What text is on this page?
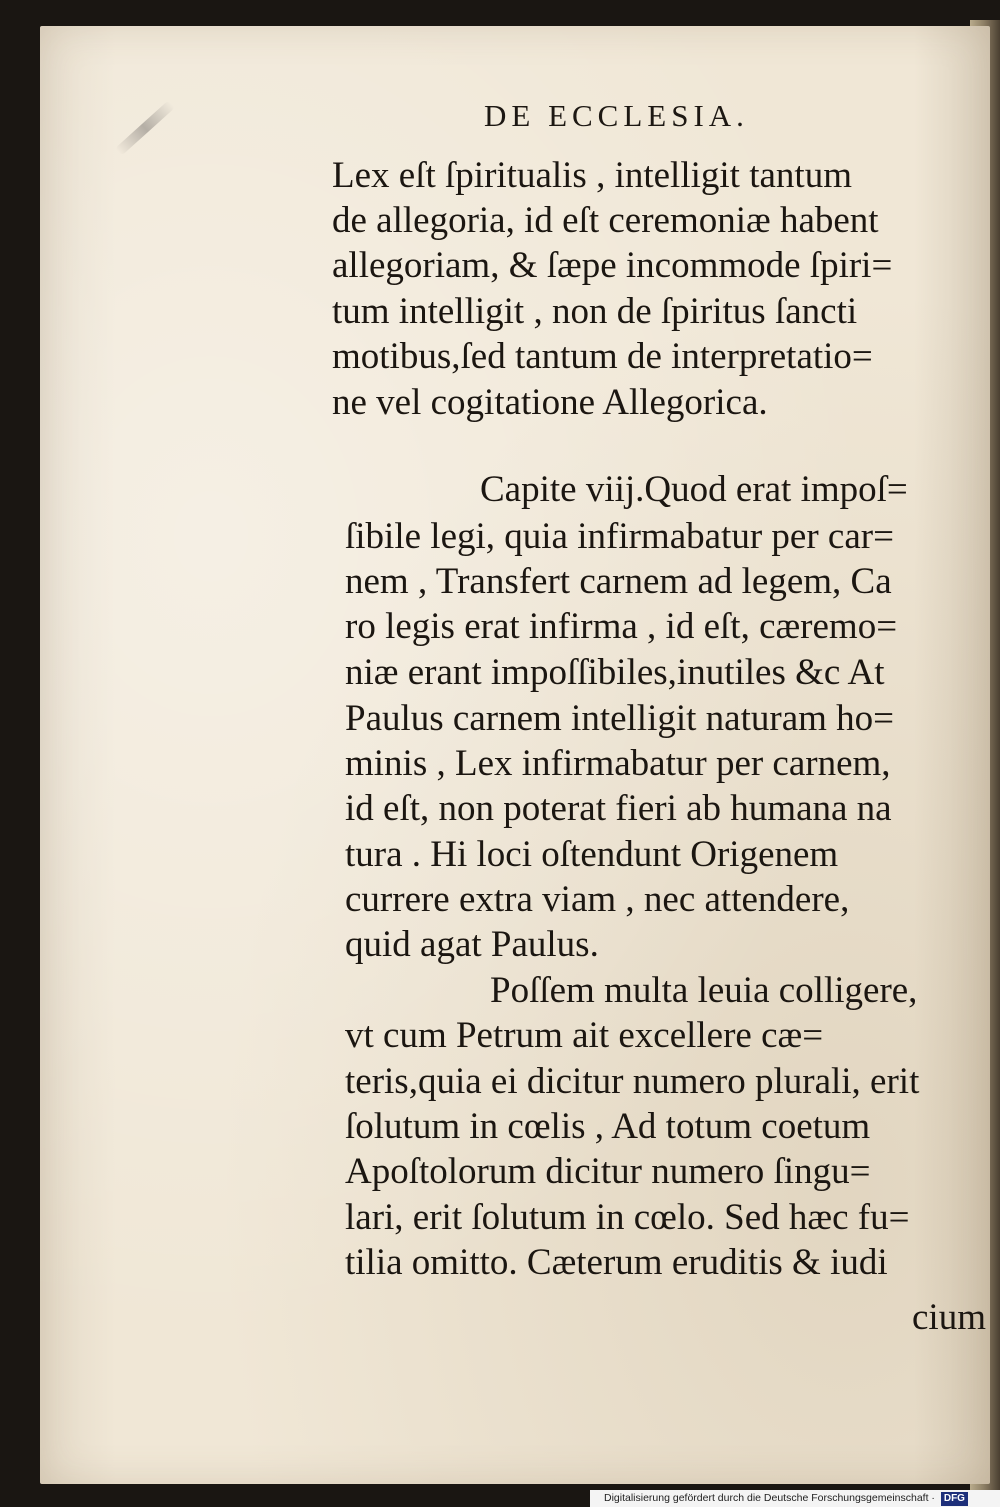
DE ECCLESIA.
Lex eſt ſpiritualis , intelligit tantum
de allegoria, id eſt ceremoniæ habent
allegoriam, & ſæpe incommode ſpiri=
tum intelligit , non de ſpiritus ſancti
motibus,ſed tantum de interpretatio=
ne vel cogitatione Allegorica.
Capite viij.Quod erat impoſ=
ſibile legi, quia infirmabatur per car=
nem , Transfert carnem ad legem, Ca
ro legis erat infirma , id eſt, cæremo=
niæ erant impoſſibiles,inutiles &c At
Paulus carnem intelligit naturam ho=
minis , Lex infirmabatur per carnem,
id eſt, non poterat fieri ab humana na
tura . Hi loci oſtendunt Origenem
currere extra viam , nec attendere,
quid agat Paulus.
Poſſem multa leuia colligere,
vt cum Petrum ait excellere cæ=
teris,quia ei dicitur numero plurali, erit
ſolutum in cœlis , Ad totum coetum
Apoſtolorum dicitur numero ſingu=
lari, erit ſolutum in cœlo. Sed hæc fu=
tilia omitto. Cæterum eruditis & iudi
cium
Digitalisierung gefördert durch die Deutsche Forschungsgemeinschaft · DFG
